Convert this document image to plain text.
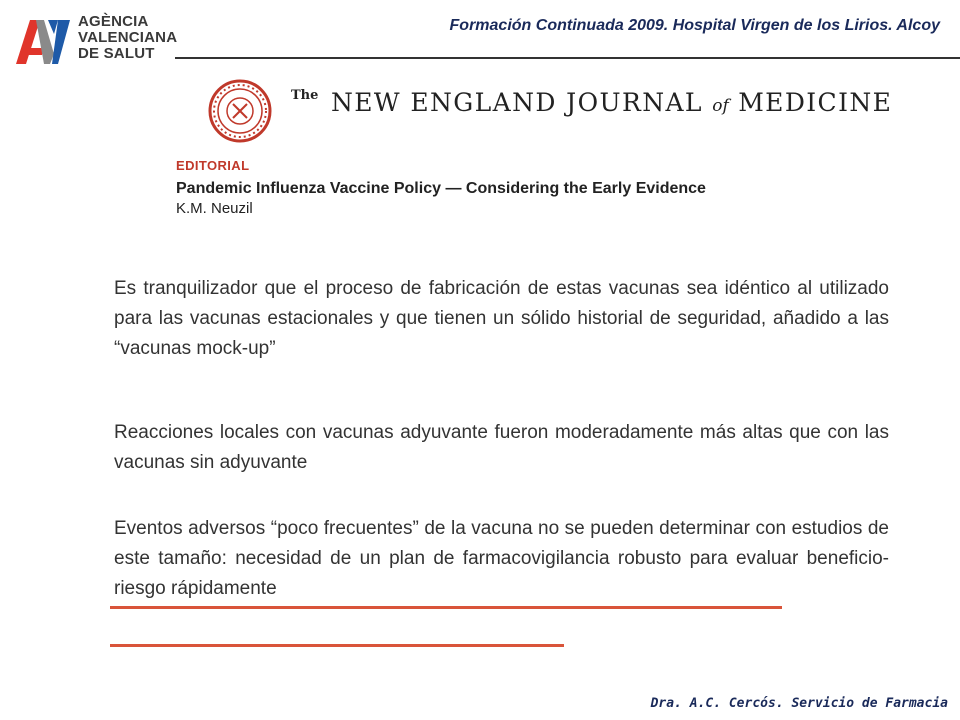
AGÈNCIA
VALENCIANA
DE SALUT
Formación Continuada 2009. Hospital Virgen de los Lirios. Alcoy
The NEW ENGLAND JOURNAL of MEDICINE
EDITORIAL
Pandemic Influenza Vaccine Policy — Considering the Early Evidence
K.M. Neuzil
Es tranquilizador que el proceso de fabricación de estas vacunas sea idéntico al utilizado para las vacunas estacionales y que tienen un sólido historial de seguridad, añadido a las “vacunas mock-up”
Reacciones locales con vacunas adyuvante fueron moderadamente más altas que con las vacunas sin adyuvante
Eventos adversos “poco frecuentes” de la vacuna no se pueden determinar con estudios de este tamaño: necesidad de un plan de farmacovigilancia robusto para evaluar beneficio-riesgo rápidamente
Dra. A.C. Cercós. Servicio de Farmacia
